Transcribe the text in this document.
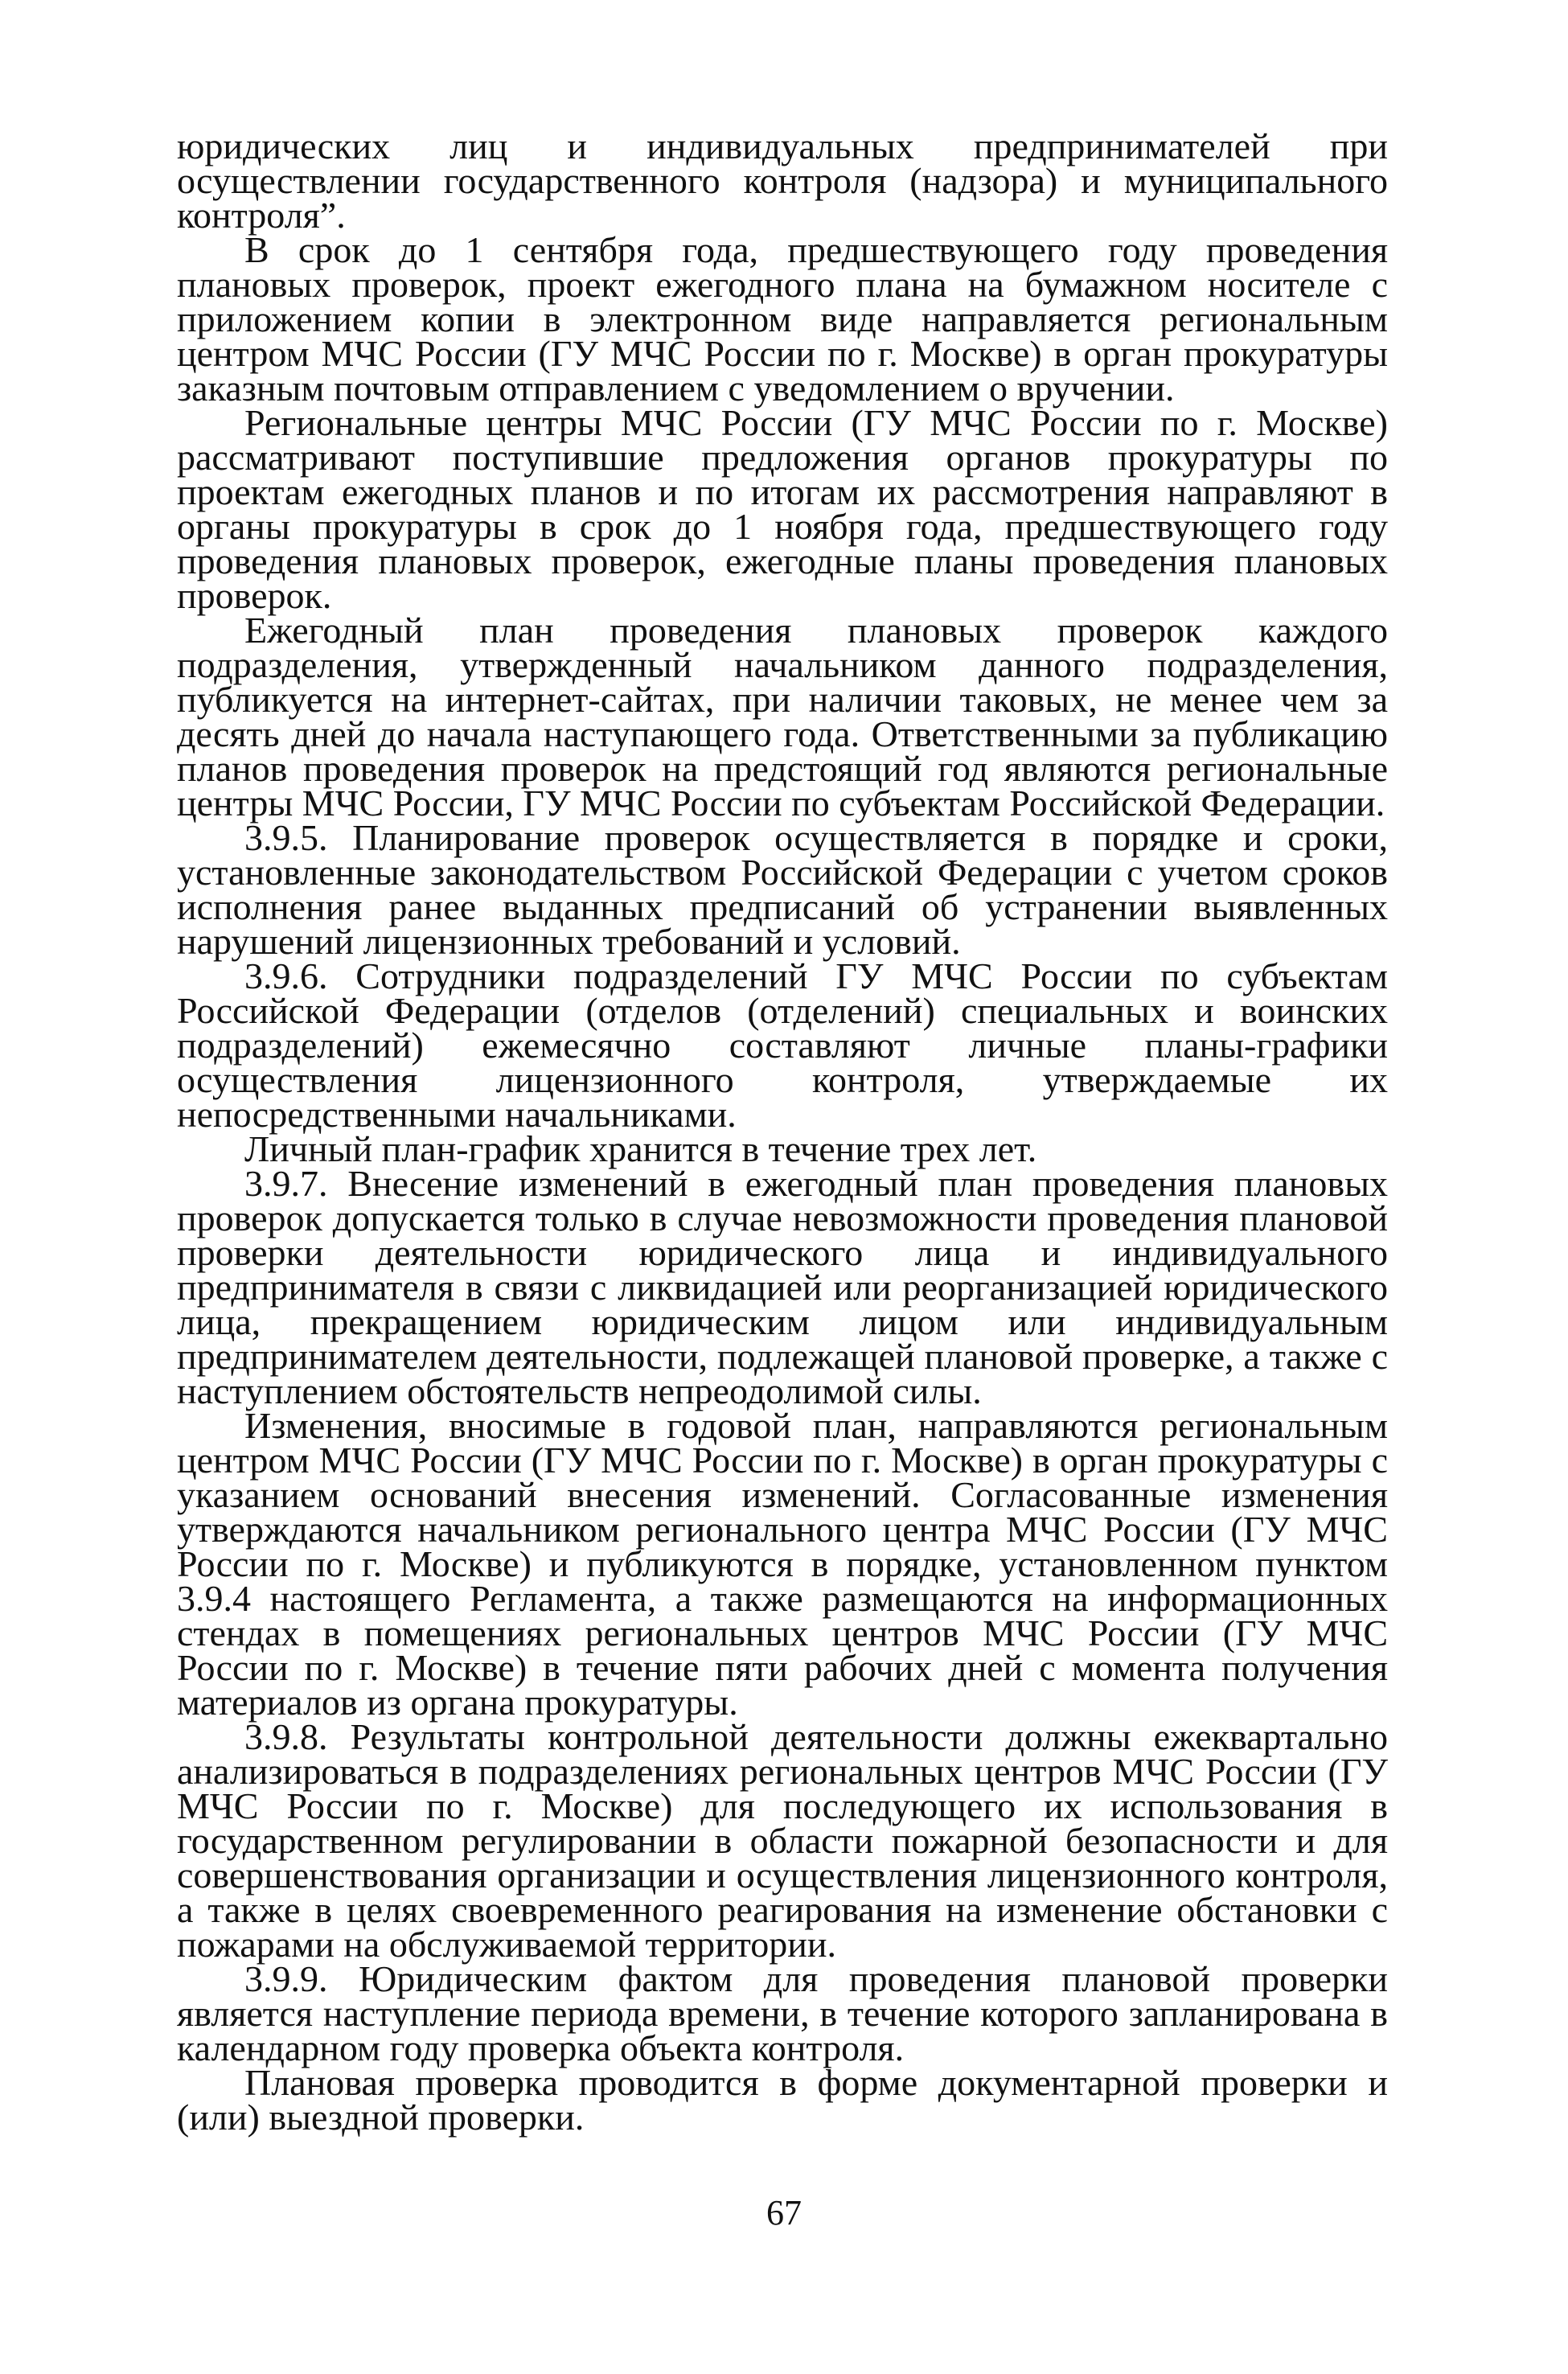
юридических лиц и индивидуальных предпринимателей при осуществлении государственного контроля (надзора) и муниципального контроля”.

В срок до 1 сентября года, предшествующего году проведения плановых проверок, проект ежегодного плана на бумажном носителе с приложением копии в электронном виде направляется региональным центром МЧС России (ГУ МЧС России по г. Москве) в орган прокуратуры заказным почтовым отправлением с уведомлением о вручении.

Региональные центры МЧС России (ГУ МЧС России по г. Москве) рассматривают поступившие предложения органов прокуратуры по проектам ежегодных планов и по итогам их рассмотрения направляют в органы прокуратуры в срок до 1 ноября года, предшествующего году проведения плановых проверок, ежегодные планы проведения плановых проверок.

Ежегодный план проведения плановых проверок каждого подразделения, утвержденный начальником данного подразделения, публикуется на интернет-сайтах, при наличии таковых, не менее чем за десять дней до начала наступающего года. Ответственными за публикацию планов проведения проверок на предстоящий год являются региональные центры МЧС России, ГУ МЧС России по субъектам Российской Федерации.

3.9.5. Планирование проверок осуществляется в порядке и сроки, установленные законодательством Российской Федерации с учетом сроков исполнения ранее выданных предписаний об устранении выявленных нарушений лицензионных требований и условий.

3.9.6. Сотрудники подразделений ГУ МЧС России по субъектам Российской Федерации (отделов (отделений) специальных и воинских подразделений) ежемесячно составляют личные планы-графики осуществления лицензионного контроля, утверждаемые их непосредственными начальниками.

Личный план-график хранится в течение трех лет.

3.9.7. Внесение изменений в ежегодный план проведения плановых проверок допускается только в случае невозможности проведения плановой проверки деятельности юридического лица и индивидуального предпринимателя в связи с ликвидацией или реорганизацией юридического лица, прекращением юридическим лицом или индивидуальным предпринимателем деятельности, подлежащей плановой проверке, а также с наступлением обстоятельств непреодолимой силы.

Изменения, вносимые в годовой план, направляются региональным центром МЧС России (ГУ МЧС России по г. Москве) в орган прокуратуры с указанием оснований внесения изменений. Согласованные изменения утверждаются начальником регионального центра МЧС России (ГУ МЧС России по г. Москве) и публикуются в порядке, установленном пунктом 3.9.4 настоящего Регламента, а также размещаются на информационных стендах в помещениях региональных центров МЧС России (ГУ МЧС России по г. Москве) в течение пяти рабочих дней с момента получения материалов из органа прокуратуры.

3.9.8. Результаты контрольной деятельности должны ежеквартально анализироваться в подразделениях региональных центров МЧС России (ГУ МЧС России по г. Москве) для последующего их использования в государственном регулировании в области пожарной безопасности и для совершенствования организации и осуществления лицензионного контроля, а также в целях своевременного реагирования на изменение обстановки с пожарами на обслуживаемой территории.

3.9.9. Юридическим фактом для проведения плановой проверки является наступление периода времени, в течение которого запланирована в календарном году проверка объекта контроля.

Плановая проверка проводится в форме документарной проверки и (или) выездной проверки.

67
